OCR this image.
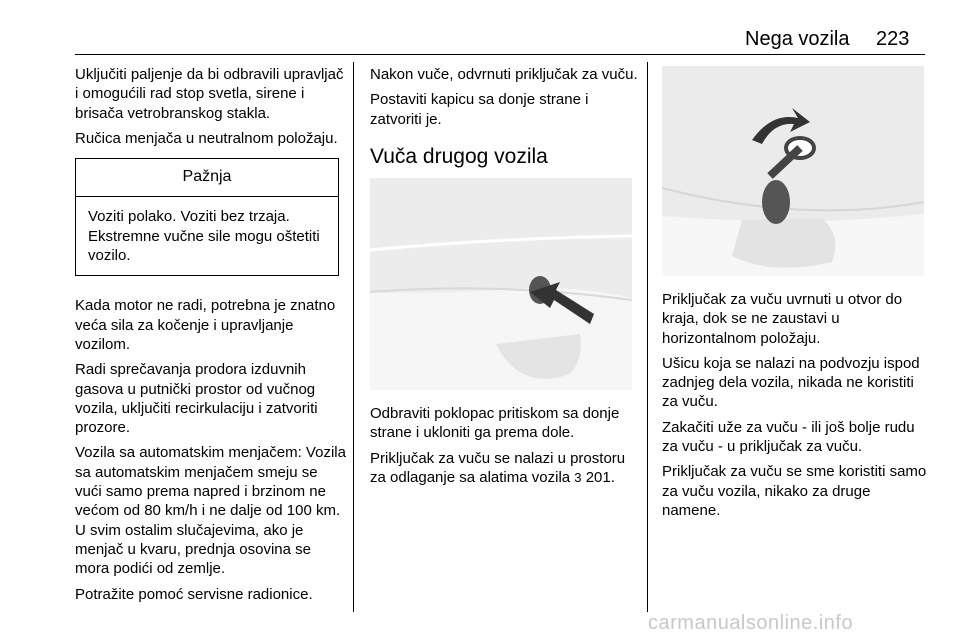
Nega vozila 223

Uključiti paljenje da bi odbravili upravljač i omogućili rad stop svetla, sirene i brisača vetrobranskog stakla.

Ručica menjača u neutralnom položaju.

Pažnja
Voziti polako. Voziti bez trzaja. Ekstremne vučne sile mogu oštetiti vozilo.

Kada motor ne radi, potrebna je znatno veća sila za kočenje i upravljanje vozilom.

Radi sprečavanja prodora izduvnih gasova u putnički prostor od vučnog vozila, uključiti recirkulaciju i zatvoriti prozore.

Vozila sa automatskim menjačem: Vozila sa automatskim menjačem smeju se vući samo prema napred i brzinom ne većom od 80 km/h i ne dalje od 100 km. U svim ostalim slučajevima, ako je menjač u kvaru, prednja osovina se mora podići od zemlje.

Potražite pomoć servisne radionice.

Nakon vuče, odvrnuti priključak za vuču.

Postaviti kapicu sa donje strane i zatvoriti je.

Vuča drugog vozila

Odbraviti poklopac pritiskom sa donje strane i ukloniti ga prema dole.

Priključak za vuču se nalazi u prostoru za odlaganje sa alatima vozila 3 201.

Priključak za vuču uvrnuti u otvor do kraja, dok se ne zaustavi u horizontalnom položaju.

Ušicu koja se nalazi na podvozju ispod zadnjeg dela vozila, nikada ne koristiti za vuču.

Zakačiti uže za vuču - ili još bolje rudu za vuču - u priključak za vuču.

Priključak za vuču se sme koristiti samo za vuču vozila, nikako za druge namene.

carmanualsonline.info
